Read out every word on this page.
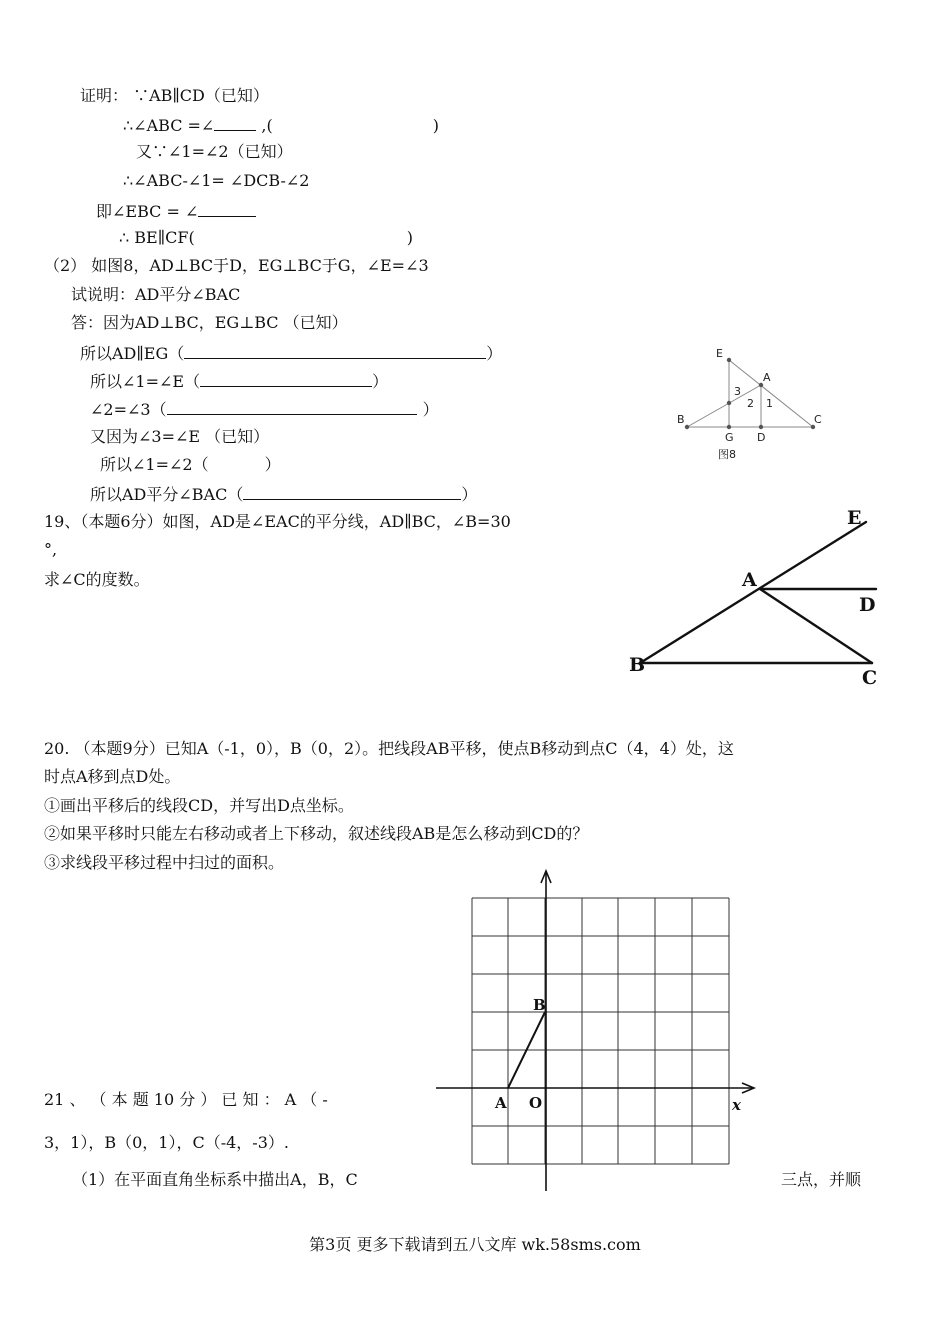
证明： ∵AB∥CD（已知）
∴∠ABC =∠	,(	)
又∵∠1=∠2（已知）
∴∠ABC-∠1= ∠DCB-∠2
即∠EBC = ∠
∴ BE∥CF(	)
（2） 如图8，AD⊥BC于D，EG⊥BC于G，∠E=∠3
试说明：AD平分∠BAC
答：因为AD⊥BC，EG⊥BC （已知）
所以AD∥EG（	）
所以∠1=∠E（	）
∠2=∠3（	）
又因为∠3=∠E （已知）
所以∠1=∠2（	）
所以AD平分∠BAC（	）
E
A
B	C
G D
3
2 1
图8
19、（本题6分）如图，AD是∠EAC的平分线，AD∥BC，∠B=30
°,
求∠C的度数。
E
A
D
B
C
20. （本题9分）已知A（-1，0），B（0，2）。把线段AB平移，使点B移动到点C（4，4）处，这
时点A移到点D处。
①画出平移后的线段CD，并写出D点坐标。
②如果平移时只能左右移动或者上下移动，叙述线段AB是怎么移动到CD的？
③求线段平移过程中扫过的面积。
B
A O	x
21 、 （ 本 题 10 分 ） 已 知 ： A （ -
3，1），B（0，1），C（-4，-3）.
（1）在平面直角坐标系中描出A，B，C	三点，并顺
第3页 更多下载请到五八文库 wk.58sms.com
